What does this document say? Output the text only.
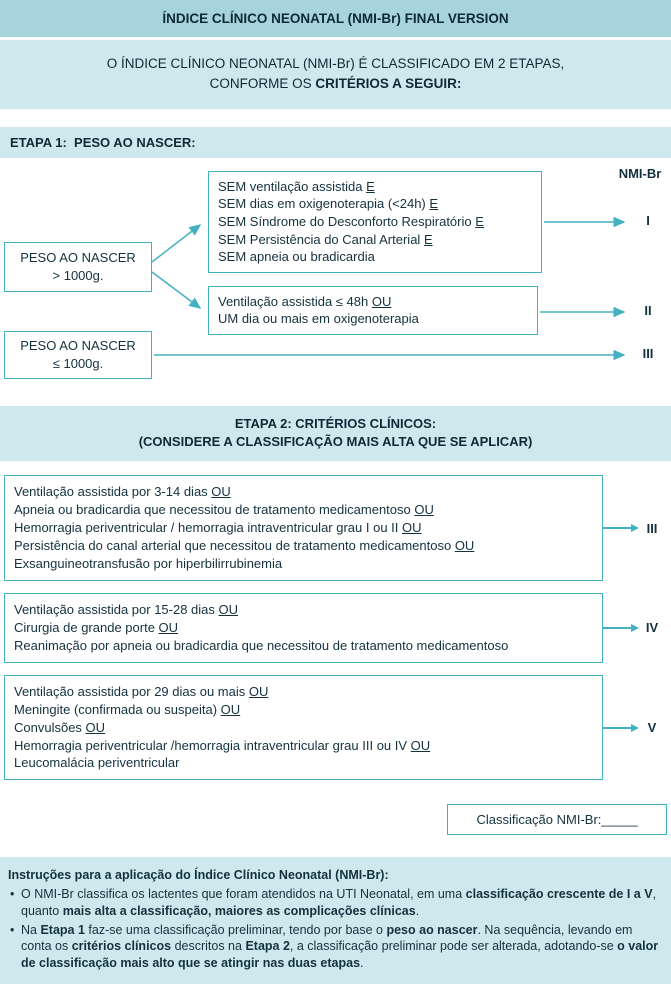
ÍNDICE CLÍNICO NEONATAL (NMI-Br) FINAL VERSION
O ÍNDICE CLÍNICO NEONATAL (NMI-Br) É CLASSIFICADO EM 2 ETAPAS,
CONFORME OS CRITÉRIOS A SEGUIR:
ETAPA 1:  PESO AO NASCER:
NMI-Br
PESO AO NASCER
> 1000g.
SEM ventilação assistida E
SEM dias em oxigenoterapia (<24h) E
SEM Síndrome do Desconforto Respiratório E
SEM Persistência do Canal Arterial E
SEM apneia ou bradicardia
Ventilação assistida ≤ 48h OU
UM dia ou mais em oxigenoterapia
PESO AO NASCER
≤ 1000g.
I
II
III
ETAPA 2: CRITÉRIOS CLÍNICOS:
(CONSIDERE A CLASSIFICAÇÃO MAIS ALTA QUE SE APLICAR)
Ventilação assistida por 3-14 dias OU
Apneia ou bradicardia que necessitou de tratamento medicamentoso OU
Hemorragia periventricular / hemorragia intraventricular grau I ou II OU
Persistência do canal arterial que necessitou de tratamento medicamentoso OU
Exsanguineotransfusão por hiperbilirrubinemia
III
Ventilação assistida por 15-28 dias OU
Cirurgia de grande porte OU
Reanimação por apneia ou bradicardia que necessitou de tratamento medicamentoso
IV
Ventilação assistida por 29 dias ou mais OU
Meningite (confirmada ou suspeita) OU
Convulsões OU
Hemorragia periventricular /hemorragia intraventricular grau III ou IV OU
Leucomalácia periventricular
V
Classificação NMI-Br:_____
Instruções para a aplicação do Índice Clínico Neonatal (NMI-Br):
• O NMI-Br classifica os lactentes que foram atendidos na UTI Neonatal, em uma classificação crescente de I a V, quanto mais alta a classificação, maiores as complicações clínicas.
• Na Etapa 1 faz-se uma classificação preliminar, tendo por base o peso ao nascer. Na sequência, levando em conta os critérios clínicos descritos na Etapa 2, a classificação preliminar pode ser alterada, adotando-se o valor de classificação mais alto que se atingir nas duas etapas.
